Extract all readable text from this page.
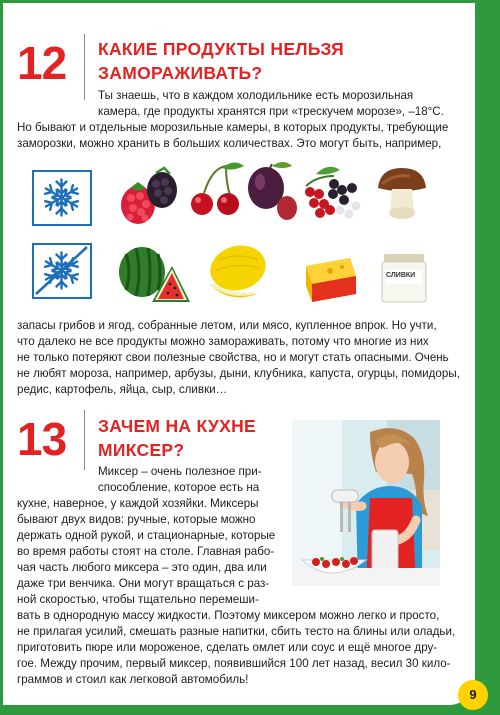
12 КАКИЕ ПРОДУКТЫ НЕЛЬЗЯ
ЗАМОРАЖИВАТЬ?
Ты знаешь, что в каждом холодильнике есть морозильная
камера, где продукты хранятся при «трескучем морозе», –18°С.
Но бывают и отдельные морозильные камеры, в которых продукты, требующие
заморозки, можно хранить в больших количествах. Это могут быть, например,
СЛИВКИ
запасы грибов и ягод, собранные летом, или мясо, купленное впрок. Но учти,
что далеко не все продукты можно замораживать, потому что многие из них
не только потеряют свои полезные свойства, но и могут стать опасными. Очень
не любят мороза, например, арбузы, дыни, клубника, капуста, огурцы, помидоры,
редис, картофель, яйца, сыр, сливки…
13 ЗАЧЕМ НА КУХНЕ
МИКСЕР?
Миксер – очень полезное при-
способление, которое есть на
кухне, наверное, у каждой хозяйки. Миксеры
бывают двух видов: ручные, которые можно
держать одной рукой, и стационарные, которые
во время работы стоят на столе. Главная рабо-
чая часть любого миксера – это один, два или
даже три венчика. Они могут вращаться с раз-
ной скоростью, чтобы тщательно перемеши-
вать в однородную массу жидкости. Поэтому миксером можно легко и просто,
не прилагая усилий, смешать разные напитки, сбить тесто на блины или оладьи,
приготовить пюре или мороженое, сделать омлет или соус и ещё многое дру-
гое. Между прочим, первый миксер, появившийся 100 лет назад, весил 30 кило-
граммов и стоил как легковой автомобиль!
9
